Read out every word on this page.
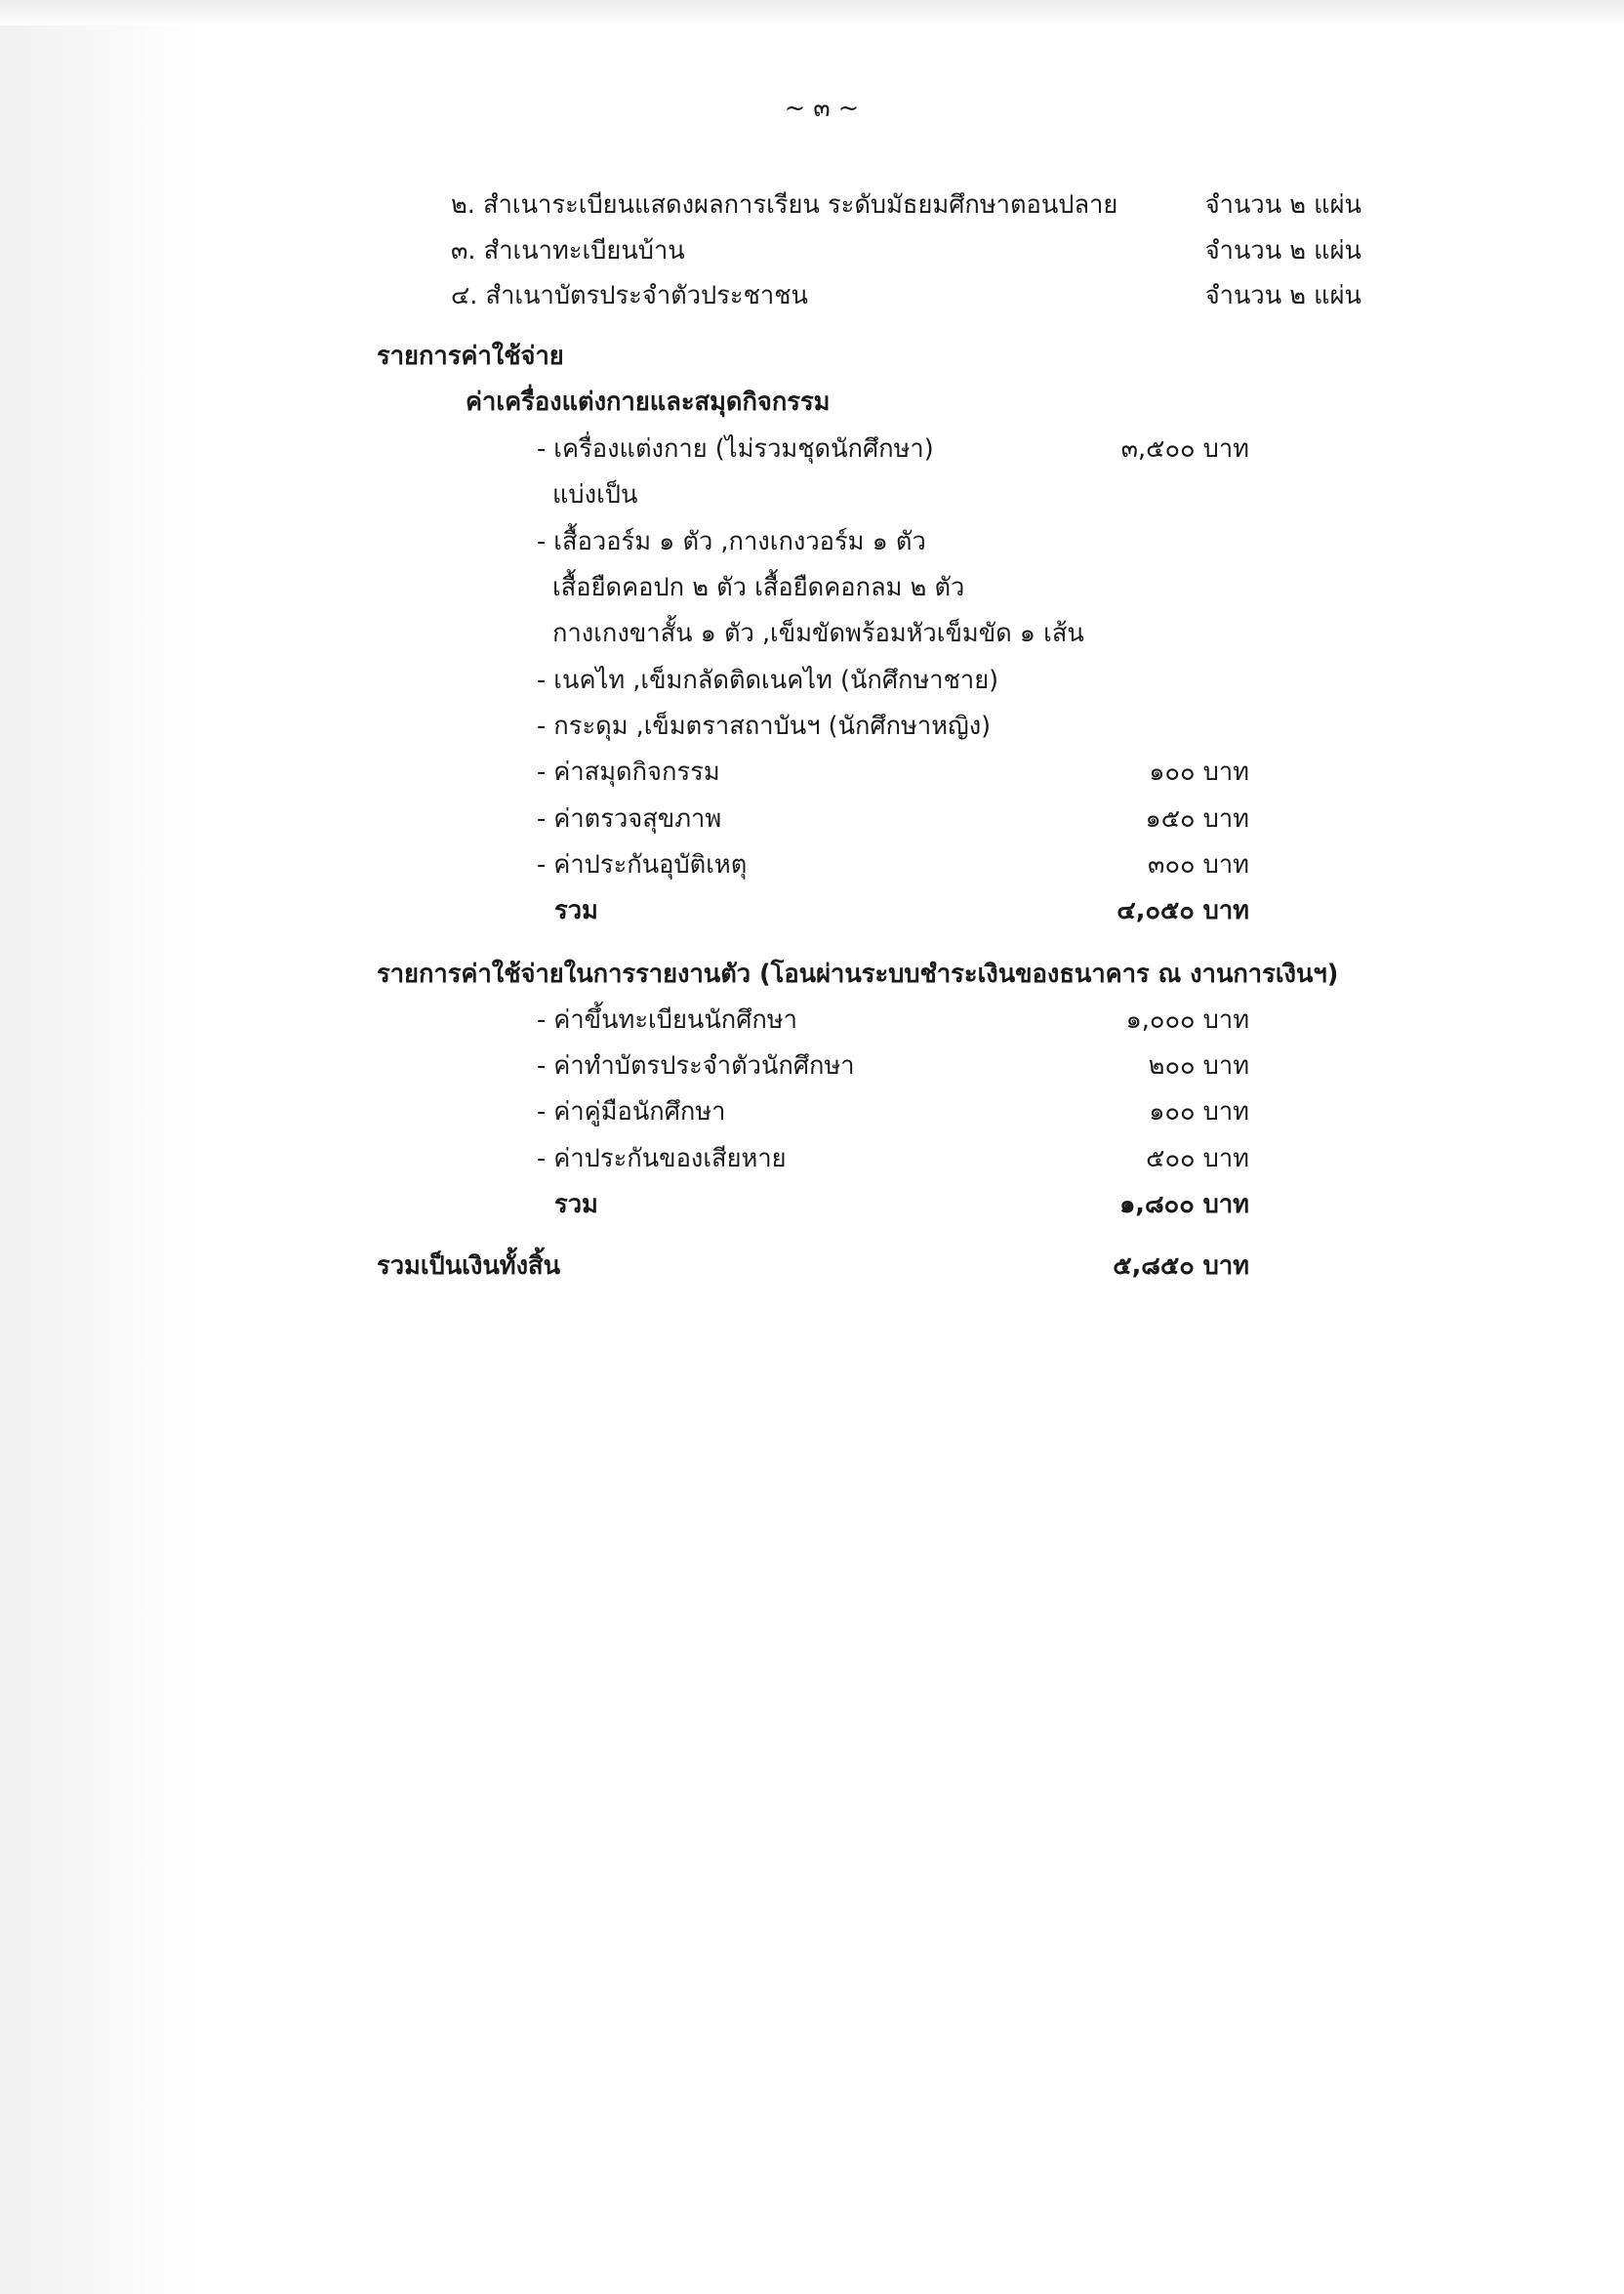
~ ๓ ~
๒. สำเนาระเบียนแสดงผลการเรียน ระดับมัธยมศึกษาตอนปลาย	จำนวน ๒ แผ่น
๓. สำเนาทะเบียนบ้าน	จำนวน ๒ แผ่น
๔. สำเนาบัตรประจำตัวประชาชน	จำนวน ๒ แผ่น
รายการค่าใช้จ่าย
ค่าเครื่องแต่งกายและสมุดกิจกรรม
- เครื่องแต่งกาย (ไม่รวมชุดนักศึกษา)	๓,๕๐๐ บาท
แบ่งเป็น
- เสื้อวอร์ม ๑ ตัว ,กางเกงวอร์ม ๑ ตัว
เสื้อยืดคอปก ๒ ตัว เสื้อยืดคอกลม ๒ ตัว
กางเกงขาสั้น ๑ ตัว ,เข็มขัดพร้อมหัวเข็มขัด ๑ เส้น
- เนคไท ,เข็มกลัดติดเนคไท (นักศึกษาชาย)
- กระดุม ,เข็มตราสถาบันฯ (นักศึกษาหญิง)
- ค่าสมุดกิจกรรม	๑๐๐ บาท
- ค่าตรวจสุขภาพ	๑๕๐ บาท
- ค่าประกันอุบัติเหตุ	๓๐๐ บาท
รวม	๔,๐๕๐ บาท
รายการค่าใช้จ่ายในการรายงานตัว (โอนผ่านระบบชำระเงินของธนาคาร ณ งานการเงินฯ)
- ค่าขึ้นทะเบียนนักศึกษา	๑,๐๐๐ บาท
- ค่าทำบัตรประจำตัวนักศึกษา	๒๐๐ บาท
- ค่าคู่มือนักศึกษา	๑๐๐ บาท
- ค่าประกันของเสียหาย	๕๐๐ บาท
รวม	๑,๘๐๐ บาท
รวมเป็นเงินทั้งสิ้น	๕,๘๕๐ บาท
